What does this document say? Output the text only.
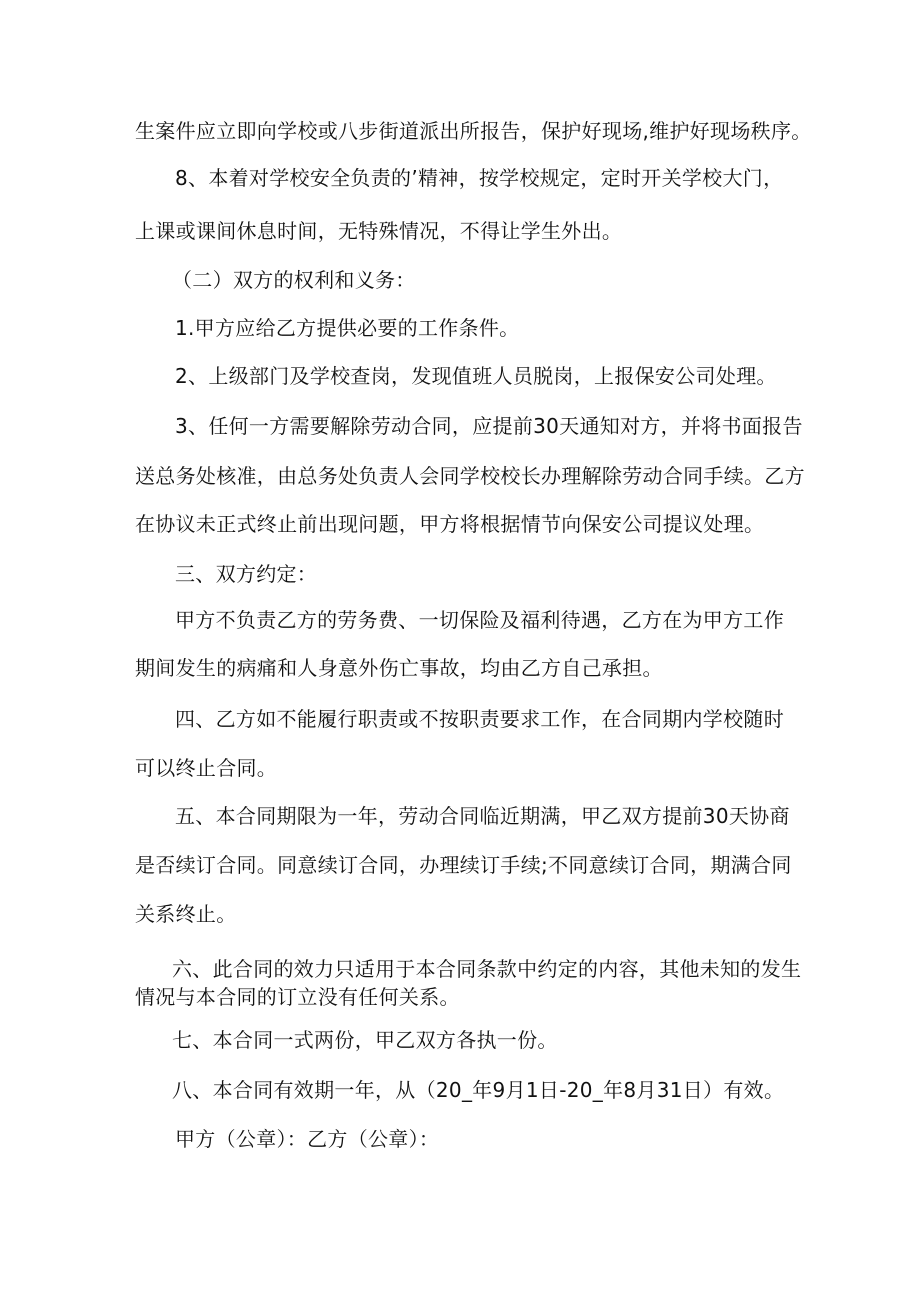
生案件应立即向学校或八步街道派出所报告，保护好现场,维护好现场秩序。
8、本着对学校安全负责的’精神，按学校规定，定时开关学校大门，
上课或课间休息时间，无特殊情况，不得让学生外出。
（二）双方的权利和义务：
1.甲方应给乙方提供必要的工作条件。
2、上级部门及学校查岗，发现值班人员脱岗，上报保安公司处理。
3、任何一方需要解除劳动合同，应提前30天通知对方，并将书面报告
送总务处核准，由总务处负责人会同学校校长办理解除劳动合同手续。乙方
在协议未正式终止前出现问题，甲方将根据情节向保安公司提议处理。
三、双方约定：
甲方不负责乙方的劳务费、一切保险及福利待遇，乙方在为甲方工作
期间发生的病痛和人身意外伤亡事故，均由乙方自己承担。
四、乙方如不能履行职责或不按职责要求工作，在合同期内学校随时
可以终止合同。
五、本合同期限为一年，劳动合同临近期满，甲乙双方提前30天协商
是否续订合同。同意续订合同，办理续订手续;不同意续订合同，期满合同
关系终止。
六、此合同的效力只适用于本合同条款中约定的内容，其他未知的发生
情况与本合同的订立没有任何关系。
七、本合同一式两份，甲乙双方各执一份。
八、本合同有效期一年，从（20_年9月1日-20_年8月31日）有效。
甲方（公章）：乙方（公章）：
